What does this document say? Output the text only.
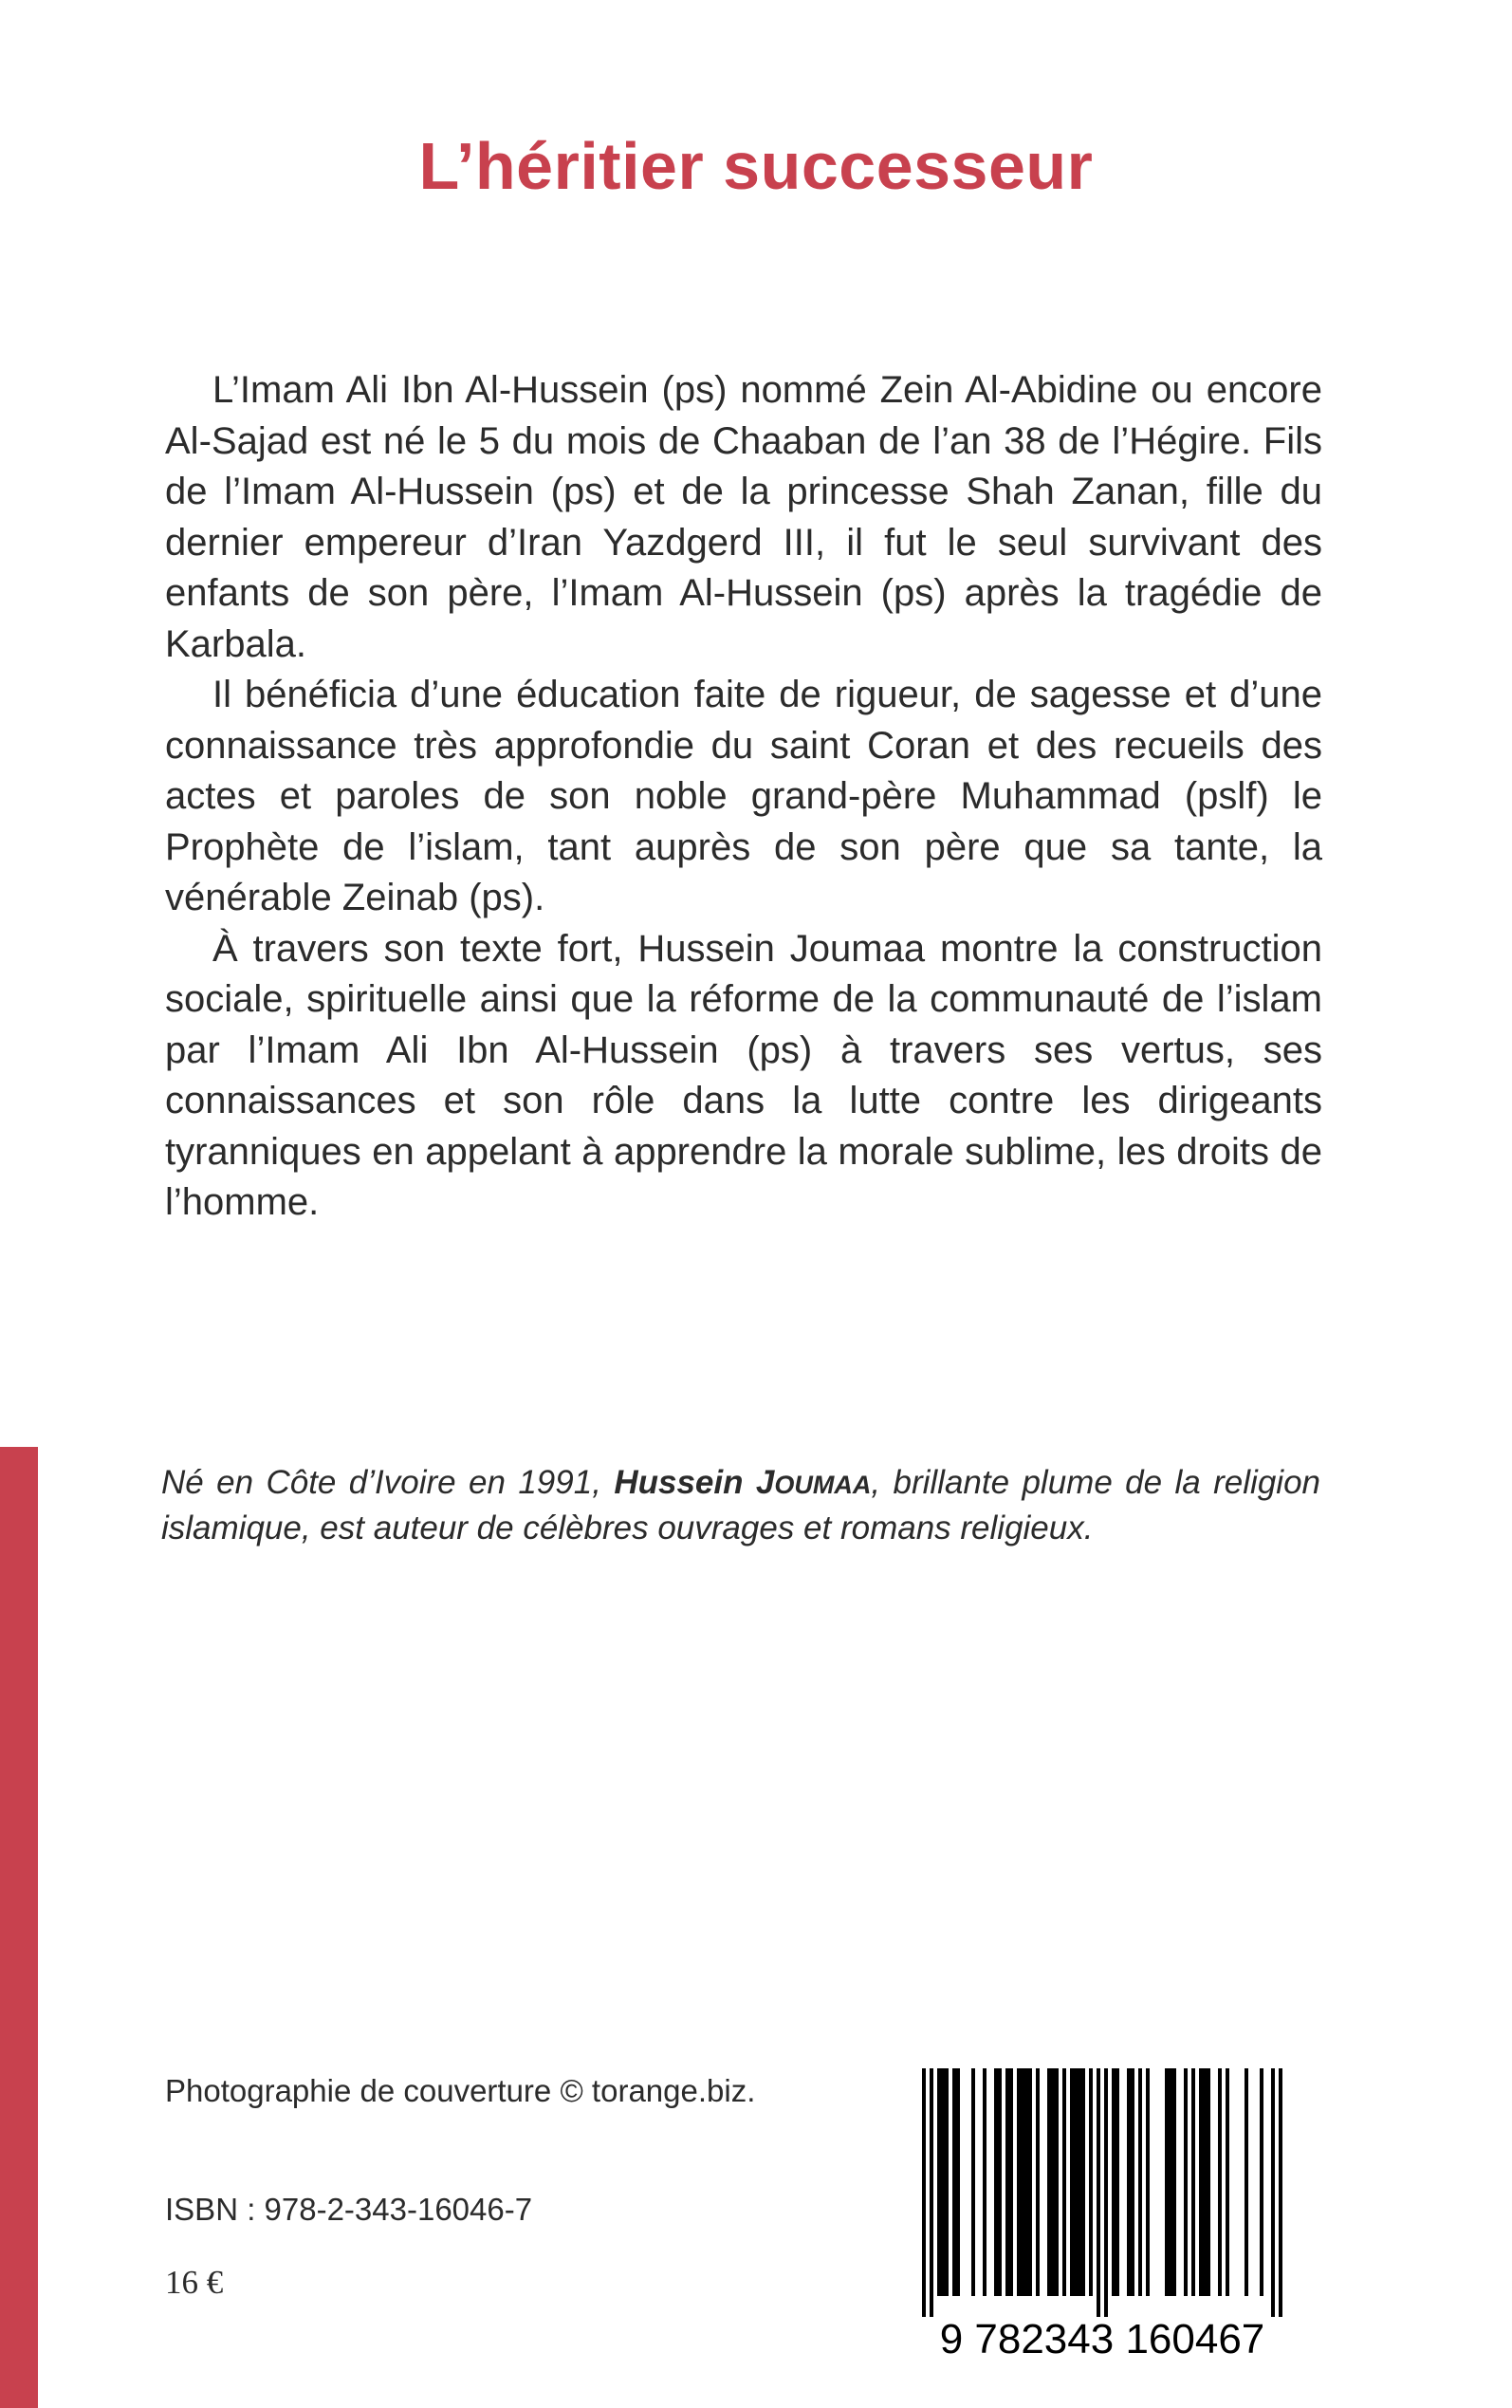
L’héritier successeur

L’Imam Ali Ibn Al-Hussein (ps) nommé Zein Al-Abidine ou encore Al-Sajad est né le 5 du mois de Chaaban de l’an 38 de l’Hégire. Fils de l’Imam Al-Hussein (ps) et de la princesse Shah Zanan, fille du dernier empereur d’Iran Yazdgerd III, il fut le seul survivant des enfants de son père, l’Imam Al-Hussein (ps) après la tragédie de Karbala.

Il bénéficia d’une éducation faite de rigueur, de sagesse et d’une connaissance très approfondie du saint Coran et des recueils des actes et paroles de son noble grand-père Muhammad (pslf) le Prophète de l’islam, tant auprès de son père que sa tante, la vénérable Zeinab (ps).

À travers son texte fort, Hussein Joumaa montre la construction sociale, spirituelle ainsi que la réforme de la communauté de l’islam par l’Imam Ali Ibn Al-Hussein (ps) à travers ses vertus, ses connaissances et son rôle dans la lutte contre les dirigeants tyranniques en appelant à apprendre la morale sublime, les droits de l’homme.

Né en Côte d’Ivoire en 1991, Hussein JOUMAA, brillante plume de la religion islamique, est auteur de célèbres ouvrages et romans religieux.
Photographie de couverture © torange.biz.
ISBN : 978-2-343-16046-7
16 €
9 782343 160467
